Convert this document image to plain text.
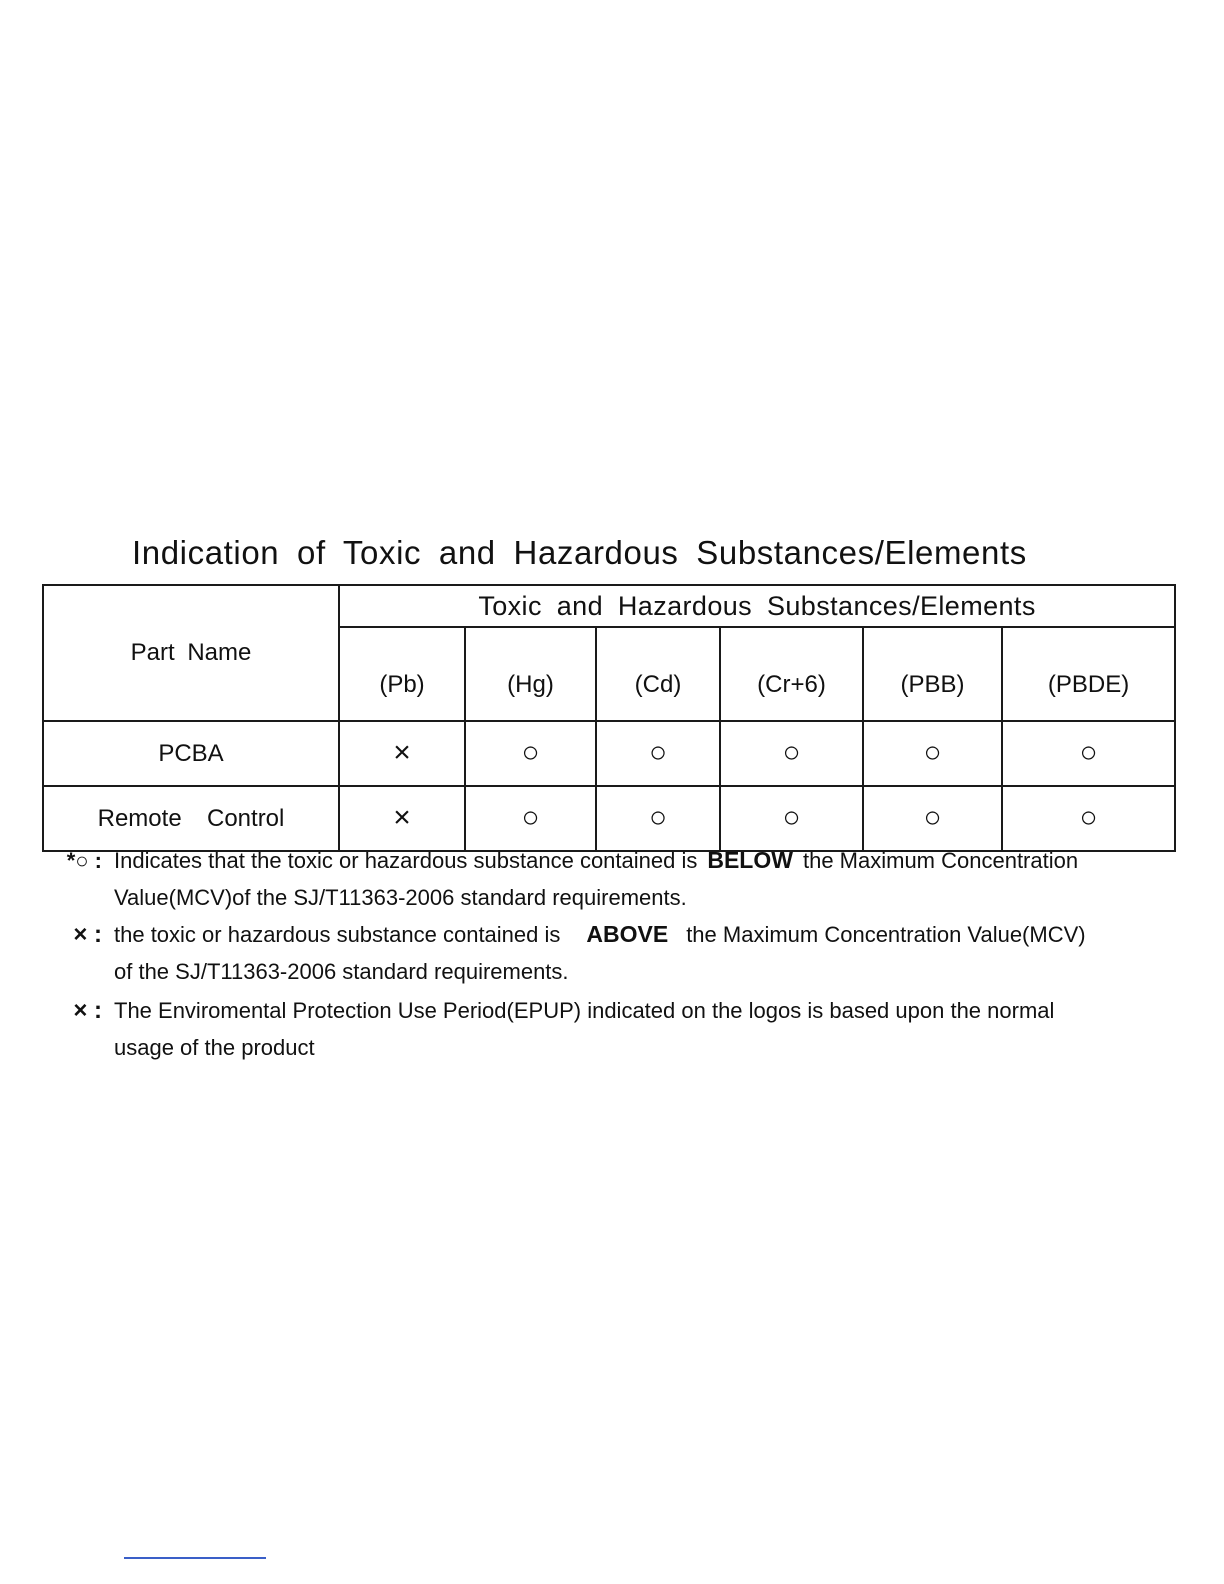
Indication of Toxic and Hazardous Substances/Elements
Part Name	Toxic and Hazardous Substances/Elements					
	(Pb)	(Hg)	(Cd)	(Cr+6)	(PBB)	(PBDE)
PCBA	×	○	○	○	○	○
Remote  Control	×	○	○	○	○	○
*○ : Indicates that the toxic or hazardous substance contained is BELOW the Maximum Concentration

Value(MCV)of the SJ/T11363-2006 standard requirements.

× : the toxic or hazardous substance contained is ABOVE the Maximum Concentration Value(MCV)

of the SJ/T11363-2006 standard requirements.

× : The Enviromental Protection Use Period(EPUP) indicated on the logos is based upon the normal

usage of the product
